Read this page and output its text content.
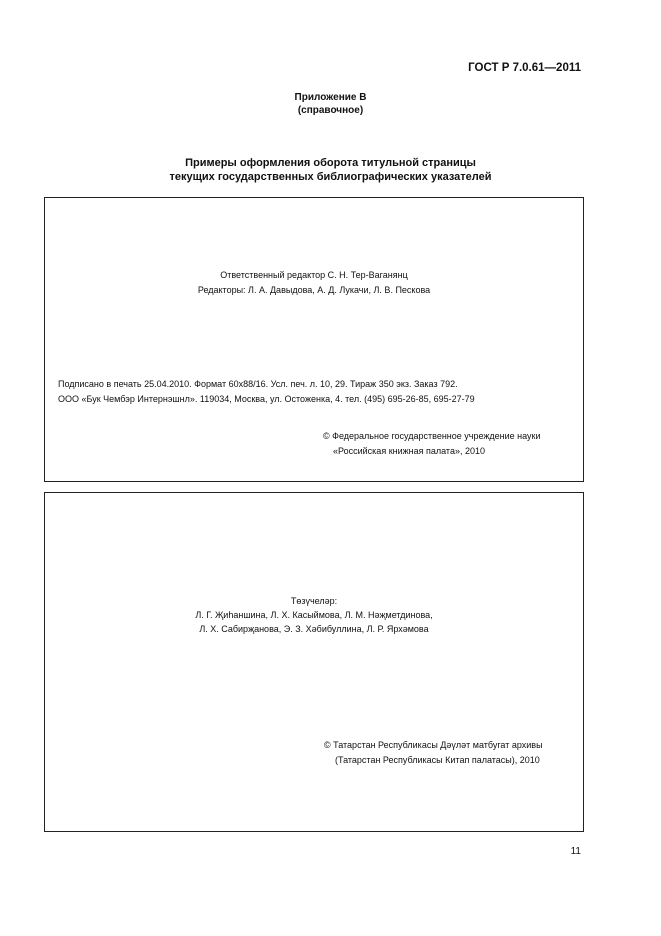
ГОСТ Р 7.0.61—2011
Приложение В
(справочное)
Примеры оформления оборота титульной страницы
текущих государственных библиографических указателей
Ответственный редактор С. Н. Тер-Ваганянц
Редакторы: Л. А. Давыдова, А. Д. Лукачи, Л. В. Пескова
Подписано в печать 25.04.2010. Формат 60х88/16. Усл. печ. л. 10, 29. Тираж 350 экз. Заказ 792.
ООО «Бук Чембэр Интернэшнл». 119034, Москва, ул. Остоженка, 4. тел. (495) 695-26-85, 695-27-79
© Федеральное государственное учреждение науки
«Российская книжная палата», 2010
Төзүчеләр:
Л. Г. Җиһаншина, Л. Х. Касыймова, Л. М. Нәҗметдинова,
Л. Х. Сабирҗанова, Э. З. Хәбибуллина, Л. Р. Ярхәмова
© Татарстан Республикасы Дәүләт матбугат архивы
(Татарстан Республикасы Китап палатасы), 2010
11
